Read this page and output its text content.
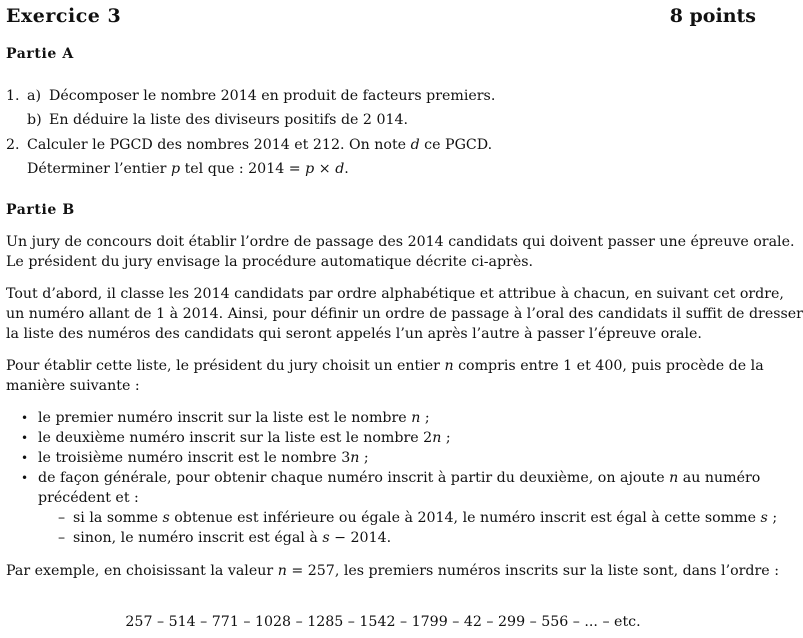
Exercice 3	8 points
Partie A
1. a) Décomposer le nombre 2014 en produit de facteurs premiers.
b) En déduire la liste des diviseurs positifs de 2 014.
2. Calculer le PGCD des nombres 2014 et 212. On note d ce PGCD.
Déterminer l’entier p tel que : 2014 = p × d.
Partie B
Un jury de concours doit établir l’ordre de passage des 2014 candidats qui doivent passer une épreuve orale.
Le président du jury envisage la procédure automatique décrite ci-après.
Tout d’abord, il classe les 2014 candidats par ordre alphabétique et attribue à chacun, en suivant cet ordre,
un numéro allant de 1 à 2014. Ainsi, pour définir un ordre de passage à l’oral des candidats il suffit de dresser
la liste des numéros des candidats qui seront appelés l’un après l’autre à passer l’épreuve orale.
Pour établir cette liste, le président du jury choisit un entier n compris entre 1 et 400, puis procède de la
manière suivante :
• le premier numéro inscrit sur la liste est le nombre n ;
• le deuxième numéro inscrit sur la liste est le nombre 2n ;
• le troisième numéro inscrit est le nombre 3n ;
• de façon générale, pour obtenir chaque numéro inscrit à partir du deuxième, on ajoute n au numéro
précédent et :
– si la somme s obtenue est inférieure ou égale à 2014, le numéro inscrit est égal à cette somme s ;
– sinon, le numéro inscrit est égal à s − 2014.
Par exemple, en choisissant la valeur n = 257, les premiers numéros inscrits sur la liste sont, dans l’ordre :
257 – 514 – 771 – 1028 – 1285 – 1542 – 1799 – 42 – 299 – 556 – ... – etc.
